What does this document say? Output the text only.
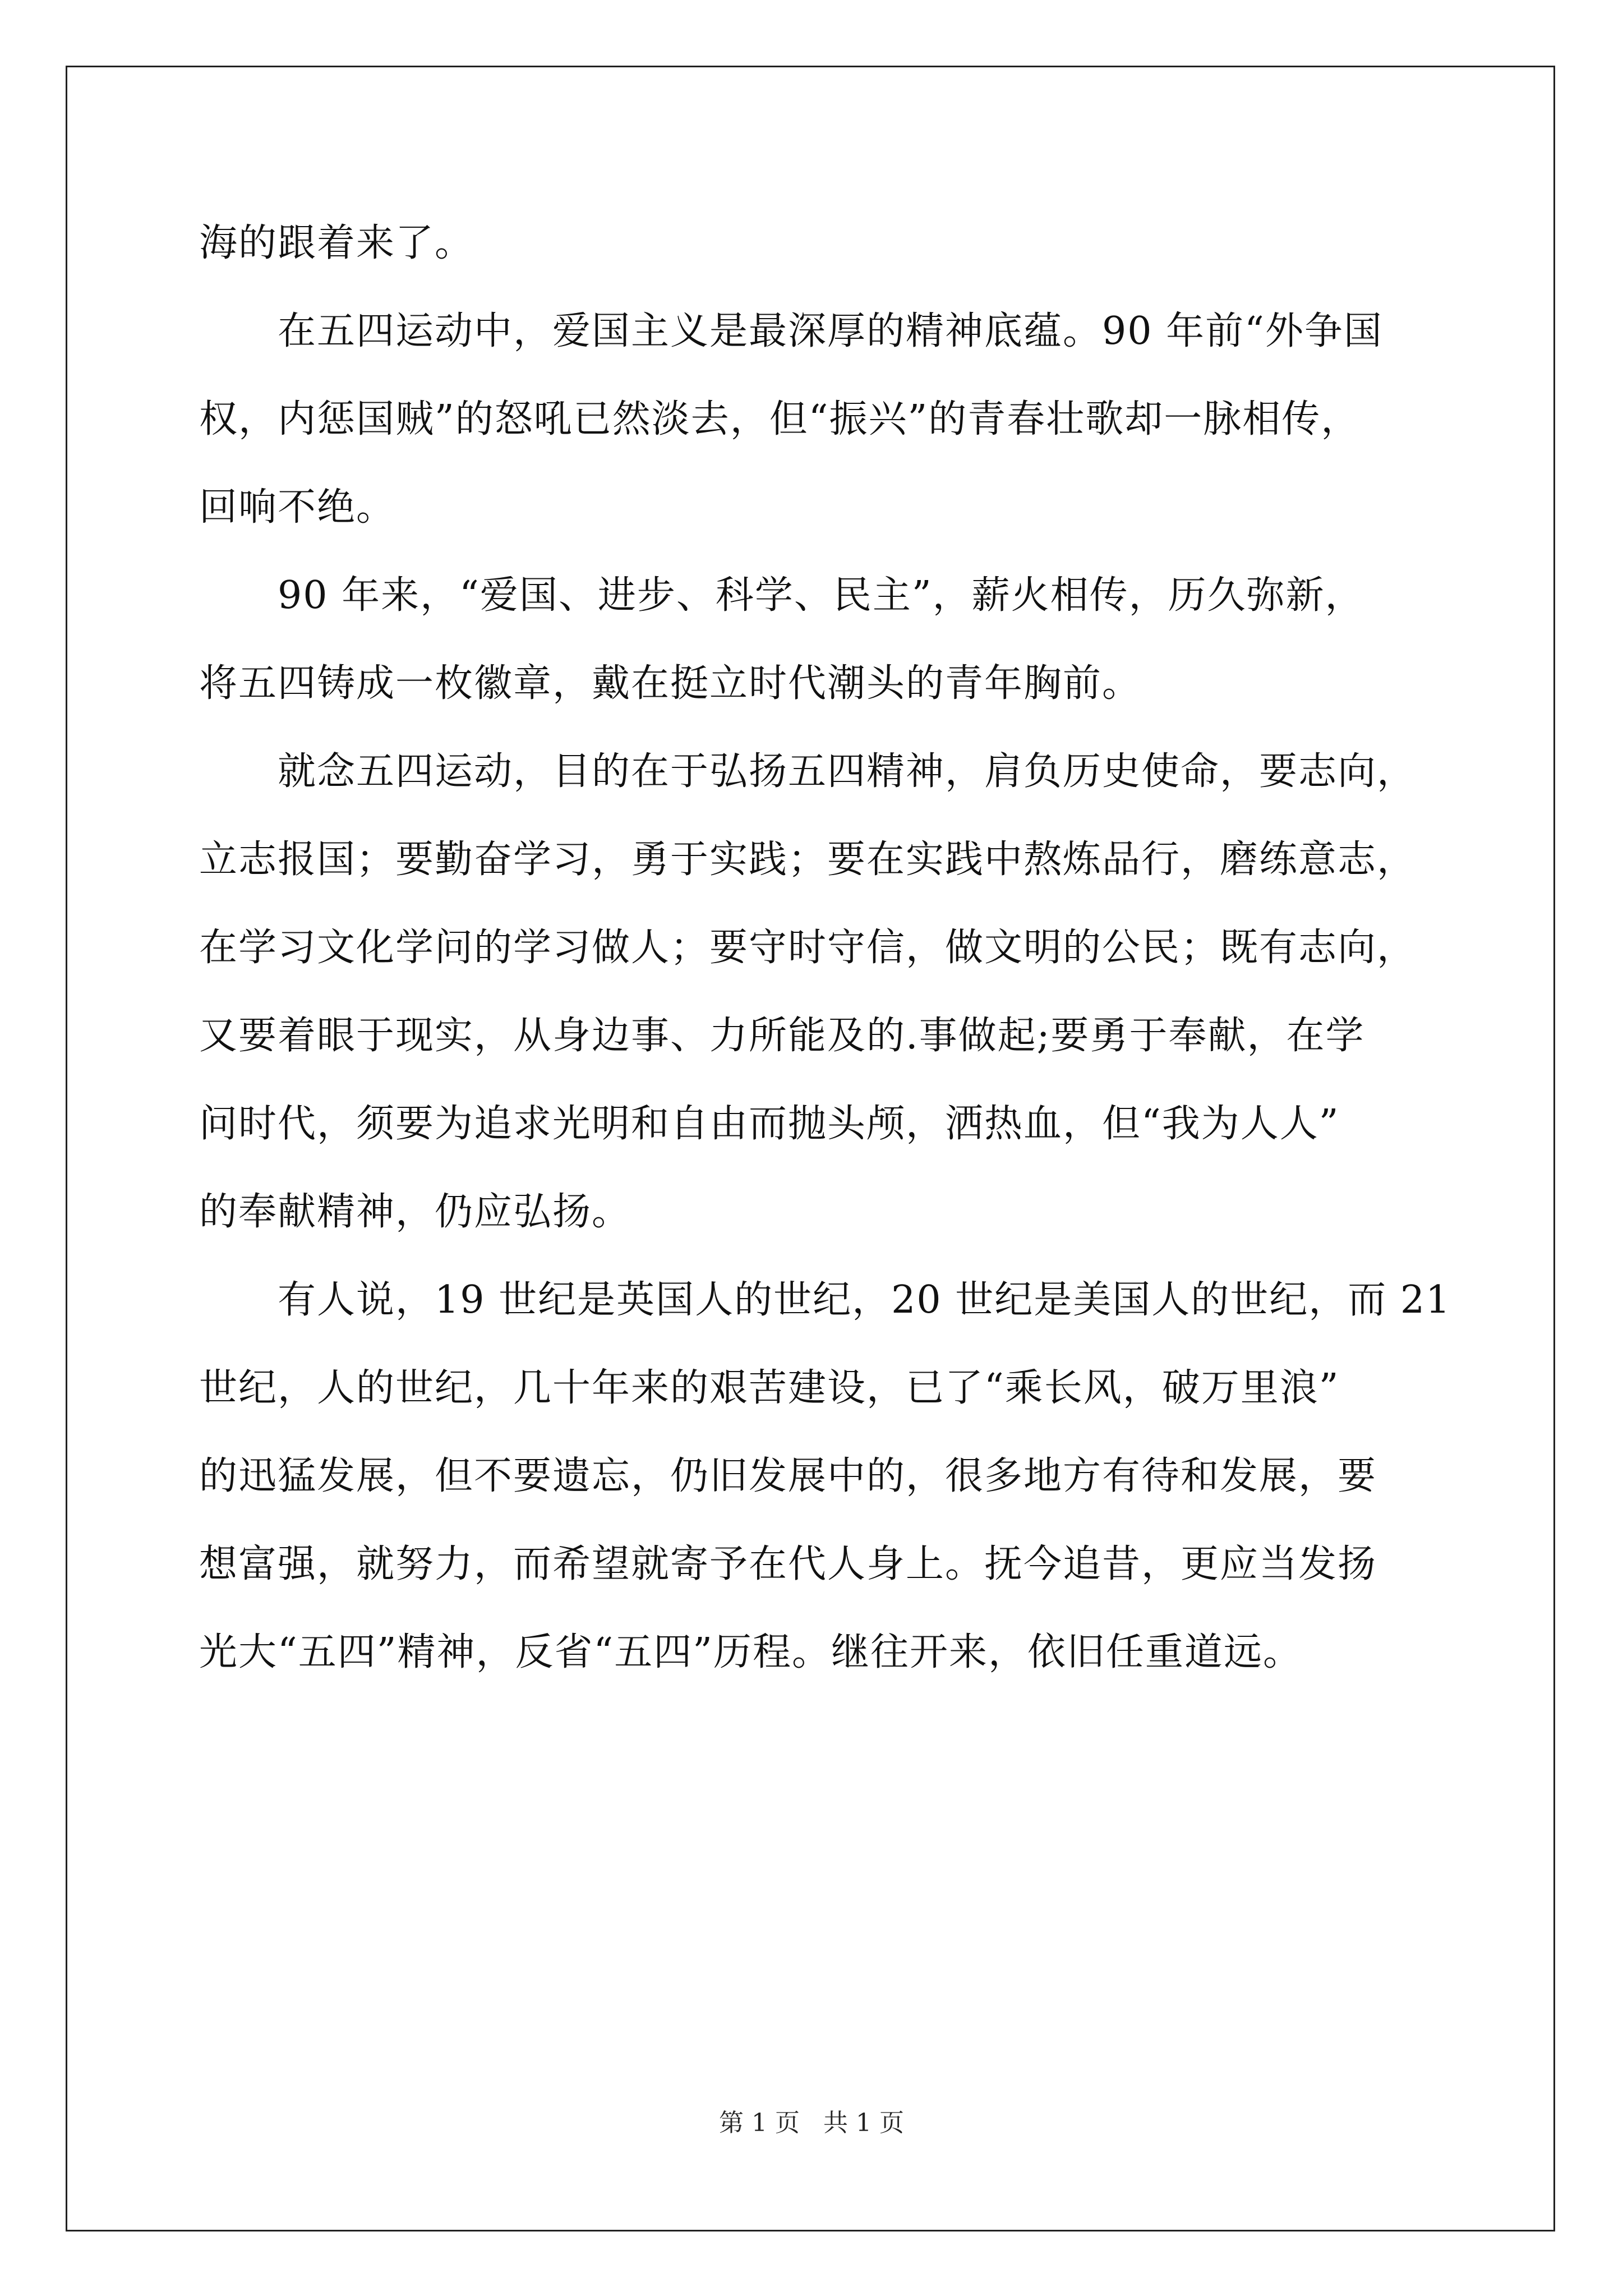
海的跟着来了。
　　在五四运动中，爱国主义是最深厚的精神底蕴。90 年前“外争国
权，内惩国贼”的怒吼已然淡去，但“振兴”的青春壮歌却一脉相传，
回响不绝。
　　90 年来，“爱国、进步、科学、民主”，薪火相传，历久弥新，
将五四铸成一枚徽章，戴在挺立时代潮头的青年胸前。
　　就念五四运动，目的在于弘扬五四精神，肩负历史使命，要志向，
立志报国；要勤奋学习，勇于实践；要在实践中熬炼品行，磨练意志，
在学习文化学问的学习做人；要守时守信，做文明的公民；既有志向，
又要着眼于现实，从身边事、力所能及的.事做起;要勇于奉献，在学
问时代，须要为追求光明和自由而抛头颅，洒热血，但“我为人人”
的奉献精神，仍应弘扬。
　　有人说，19 世纪是英国人的世纪，20 世纪是美国人的世纪，而 21
世纪，人的世纪，几十年来的艰苦建设，已了“乘长风，破万里浪”
的迅猛发展，但不要遗忘，仍旧发展中的，很多地方有待和发展，要
想富强，就努力，而希望就寄予在代人身上。抚今追昔，更应当发扬
光大“五四”精神，反省“五四”历程。继往开来，依旧任重道远。
第 1 页 共 1 页
